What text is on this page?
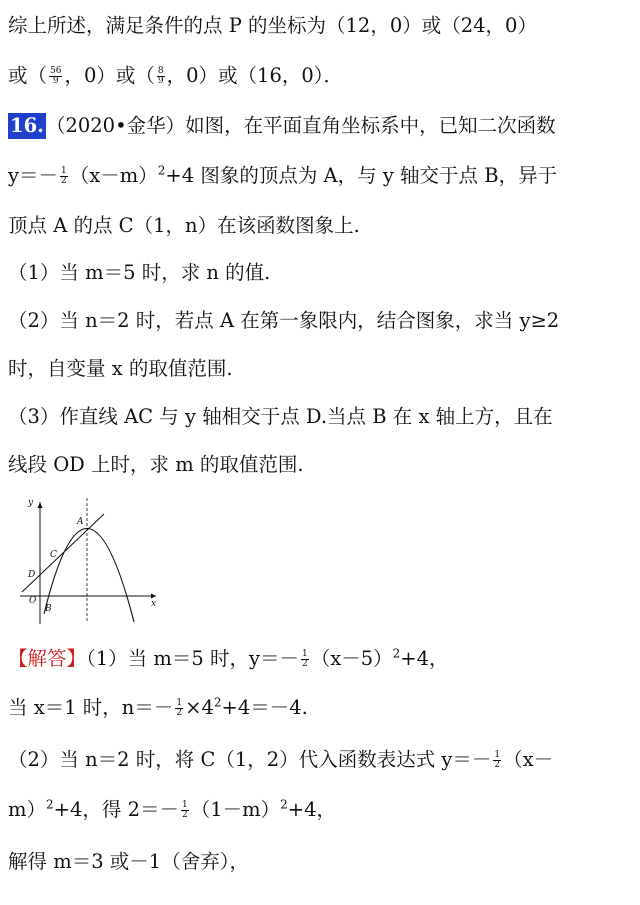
综上所述，满足条件的点 P 的坐标为（12，0）或（24，0）
或（ $\frac{56}{9}$ ，0）或（ $\frac{8}{9}$ ，0）或（16，0）．
16. （2020•金华）如图，在平面直角坐标系中，已知二次函数
$y=- \frac{1}{2} (x-m)^2+4$ 图象的顶点为 A，与 y 轴交于点 B，异于
顶点 A 的点 C（1，n）在该函数图象上.
（1）当 m＝5 时，求 n 的值.
（2）当 n＝2 时，若点 A 在第一象限内，结合图象，求当 y≥2
时，自变量 x 的取值范围.
（3）作直线 AC 与 y 轴相交于点 D.当点 B 在 x 轴上方，且在
线段 OD 上时，求 m 的取值范围.
y
x
A
C
D
O
B
【解答】（1）当 m＝5 时，$y=- \frac{1}{2} (x-5)^2+4$，
当 x＝1 时，$n=- \frac{1}{2} \times 4^2+4=-4$.
（2）当 n＝2 时，将 C（1，2）代入函数表达式 $y=- \frac{1}{2} (x-$
m）$^2$+4，得 $2=- \frac{1}{2} (1-m)^2+4$，
解得 m＝3 或－1（舍弃），
